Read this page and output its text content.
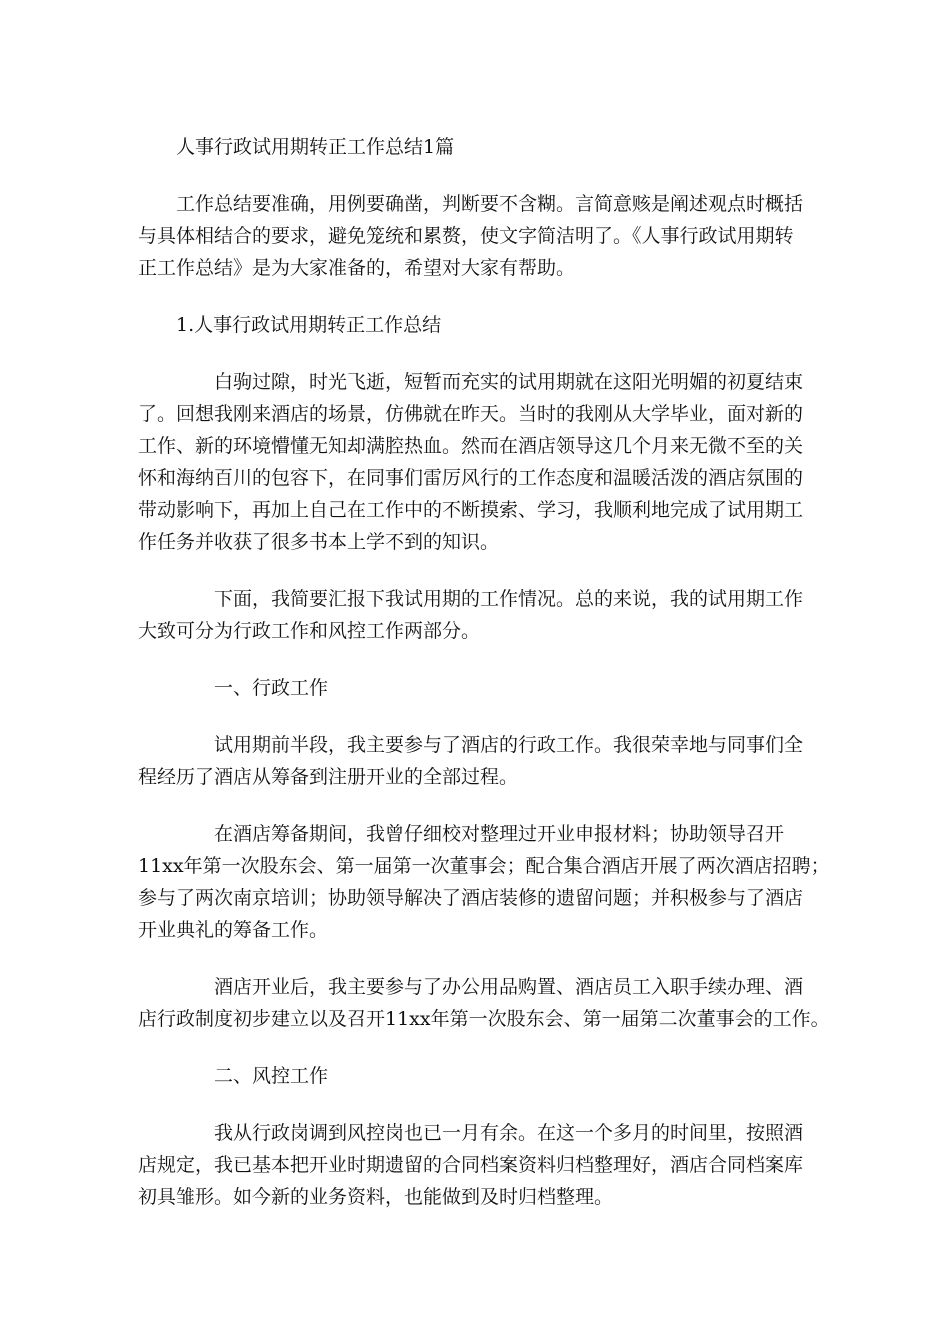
人事行政试用期转正工作总结1篇
工作总结要准确，用例要确凿，判断要不含糊。言简意赅是阐述观点时概括
与具体相结合的要求，避免笼统和累赘，使文字简洁明了。《人事行政试用期转
正工作总结》是为大家准备的，希望对大家有帮助。
1.人事行政试用期转正工作总结
白驹过隙，时光飞逝，短暂而充实的试用期就在这阳光明媚的初夏结束
了。回想我刚来酒店的场景，仿佛就在昨天。当时的我刚从大学毕业，面对新的
工作、新的环境懵懂无知却满腔热血。然而在酒店领导这几个月来无微不至的关
怀和海纳百川的包容下，在同事们雷厉风行的工作态度和温暖活泼的酒店氛围的
带动影响下，再加上自己在工作中的不断摸索、学习，我顺利地完成了试用期工
作任务并收获了很多书本上学不到的知识。
下面，我简要汇报下我试用期的工作情况。总的来说，我的试用期工作
大致可分为行政工作和风控工作两部分。
一、行政工作
试用期前半段，我主要参与了酒店的行政工作。我很荣幸地与同事们全
程经历了酒店从筹备到注册开业的全部过程。
在酒店筹备期间，我曾仔细校对整理过开业申报材料；协助领导召开
11xx年第一次股东会、第一届第一次董事会；配合集合酒店开展了两次酒店招聘；
参与了两次南京培训；协助领导解决了酒店装修的遗留问题；并积极参与了酒店
开业典礼的筹备工作。
酒店开业后，我主要参与了办公用品购置、酒店员工入职手续办理、酒
店行政制度初步建立以及召开11xx年第一次股东会、第一届第二次董事会的工作。
二、风控工作
我从行政岗调到风控岗也已一月有余。在这一个多月的时间里，按照酒
店规定，我已基本把开业时期遗留的合同档案资料归档整理好，酒店合同档案库
初具雏形。如今新的业务资料，也能做到及时归档整理。
